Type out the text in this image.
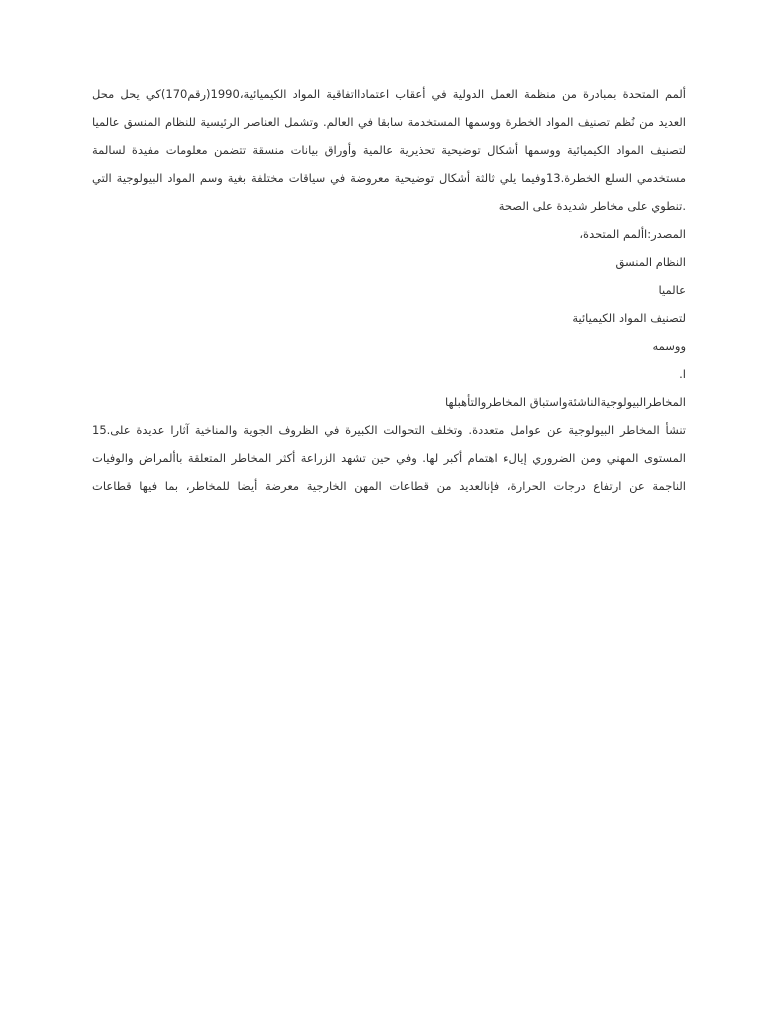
ألمم المتحدة بمبادرة من منظمة العمل الدولية في أعقاب اعتمادااتفاقية المواد الكيميائية،1990(رقم170)كي يحل محل
العديد من نُظم تصنيف المواد الخطرة ووسمها المستخدمة سابقا في العالم. وتشمل العناصر الرئيسية للنظام المنسق عالميا
لتصنيف المواد الكيميائية ووسمها أشكال توضيحية تحذيرية عالمية وأوراق بيانات منسقة تتضمن معلومات مفيدة لسالمة
مستخدمي السلع الخطرة.13وفيما يلي ثالثة أشكال توضيحية معروضة في سياقات مختلفة بغية وسم المواد البيولوجية التي
.تنطوي على مخاطر شديدة على الصحة
المصدر:األمم المتحدة،
النظام المنسق
عالميا
لتصنيف المواد الكيميائية
ووسمه
ا.
المخاطرالبيولوجيةالناشئةواستباق المخاطروالتأهبلها
تنشأ المخاطر البيولوجية عن عوامل متعددة. وتخلف التحوالت الكبيرة في الظروف الجوية والمناخية آثارا عديدة على.15
المستوى المهني ومن الضروري إيالء اهتمام أكبر لها. وفي حين تشهد الزراعة أكثر المخاطر المتعلقة باألمراض والوفيات
الناجمة عن ارتفاع درجات الحرارة، فإنالعديد من قطاعات المهن الخارجية معرضة أيضا للمخاطر، بما فيها قطاعات
